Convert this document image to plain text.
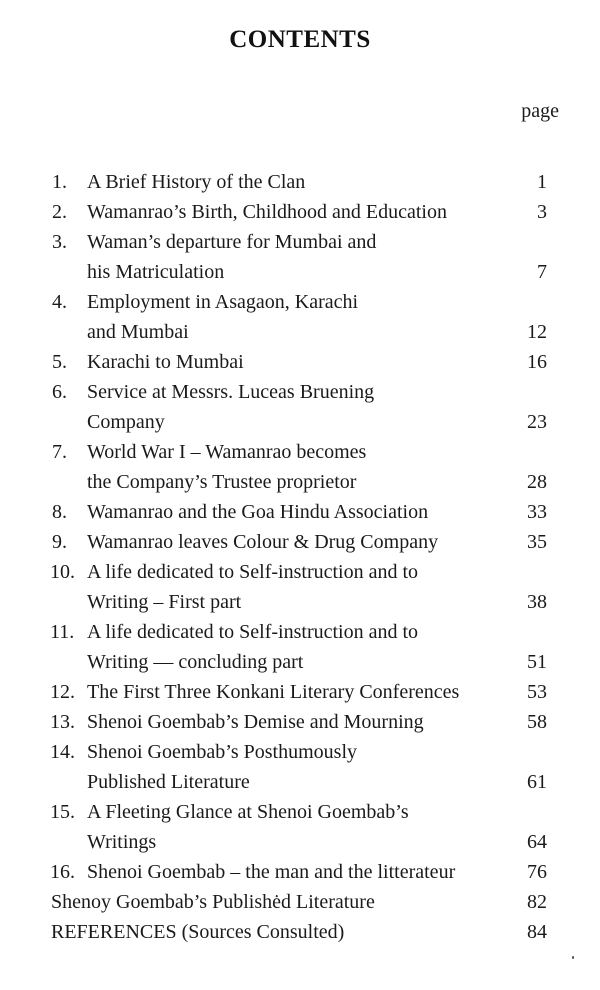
CONTENTS
page
1.	A Brief History of the Clan	1
2.	Wamanrao’s Birth, Childhood and Education	3
3.	Waman’s departure for Mumbai and
his Matriculation	7
4.	Employment in Asagaon, Karachi
and Mumbai	12
5.	Karachi to Mumbai	16
6.	Service at Messrs. Luceas Bruening
Company	23
7.	World War I – Wamanrao becomes
the Company’s Trustee proprietor	28
8.	Wamanrao and the Goa Hindu Association	33
9.	Wamanrao leaves Colour & Drug Company	35
10. A life dedicated to Self-instruction and to
Writing – First part	38
11. A life dedicated to Self-instruction and to
Writing — concluding part	51
12. The First Three Konkani Literary Conferences	53
13. Shenoi Goembab’s Demise and Mourning	58
14. Shenoi Goembab’s Posthumously
Published Literature	61
15. A Fleeting Glance at Shenoi Goembab’s
Writings	64
16. Shenoi Goembab – the man and the litterateur	76
Shenoy Goembab’s Publishėd Literature	82
REFERENCES (Sources Consulted)	84
